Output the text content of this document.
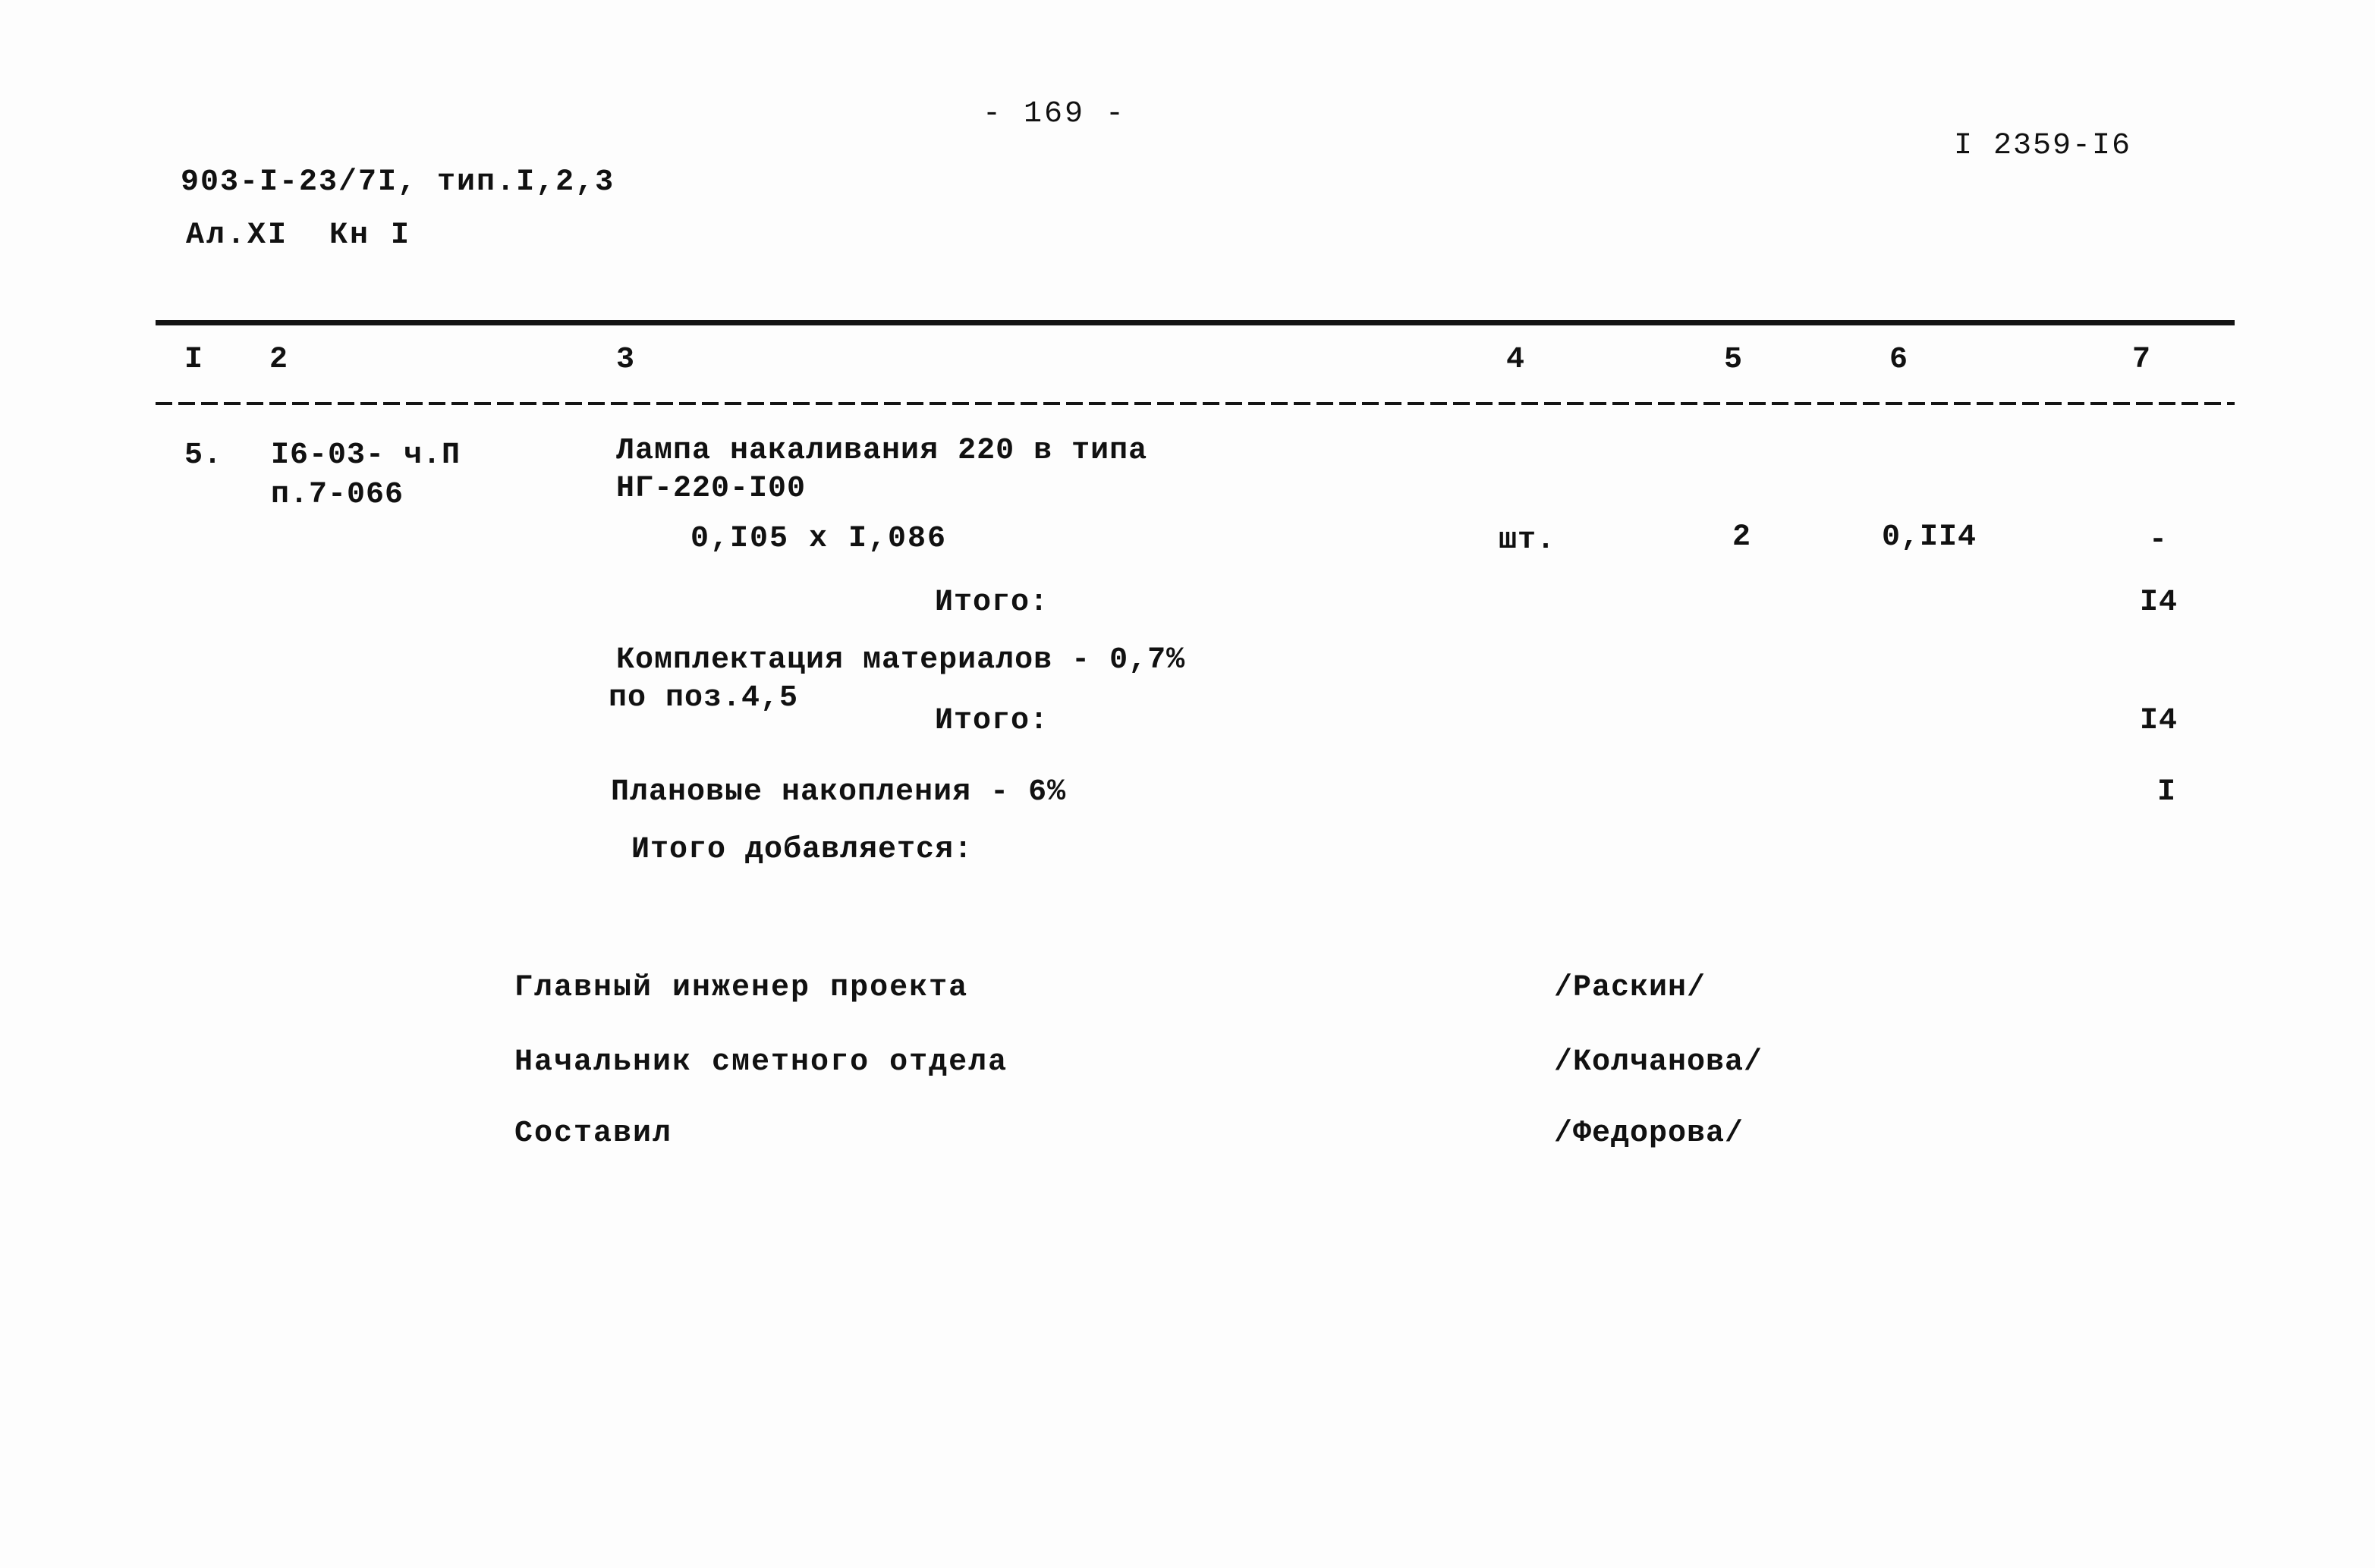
- 169 -
I 2359-I6
903-I-23/7I, тип.I,2,3
Ал.XI  Кн I
I 2	3	4	5	6	7
5. I6-03- ч.П
п.7-066
Лампа накаливания 220 в типа
НГ-220-I00
0,I05 x I,086	шт.	2	0,II4	-
Итого:	I4
Комплектация материалов - 0,7%
по поз.4,5
Итого:	I4
Плановые накопления - 6%	I
Итого добавляется:
Главный инженер проекта	/Раскин/
Начальник сметного отдела	/Колчанова/
Составил	/Федорова/
